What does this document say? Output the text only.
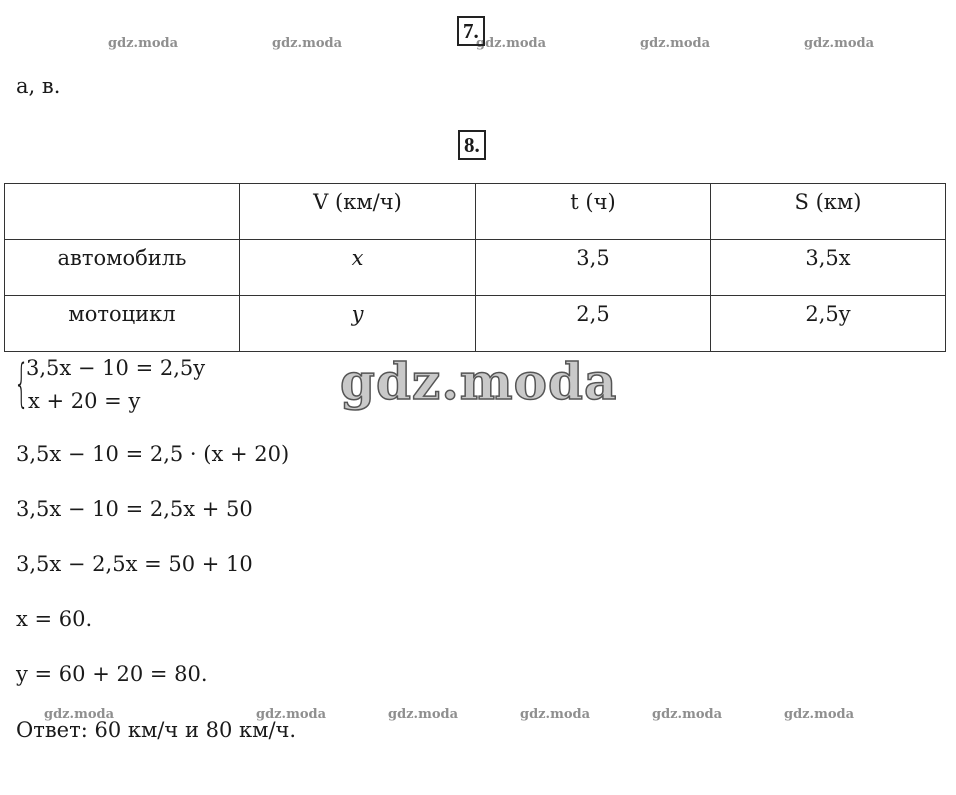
gdz.moda	gdz.moda	gdz.moda	gdz.moda	gdz.moda
7.
а, в.
8.
	V (км/ч)	t (ч)	S (км)
автомобиль	x	3,5	3,5x
мотоцикл	y	2,5	2,5y
{
3,5x − 10 = 2,5y
x + 20 = y	gdz.moda
3,5x − 10 = 2,5 · (x + 20)
3,5x − 10 = 2,5x + 50
3,5x − 2,5x = 50 + 10
x = 60.
y = 60 + 20 = 80.
gdz.moda	gdz.moda	gdz.moda	gdz.moda	gdz.moda	gdz.moda
Ответ: 60 км/ч и 80 км/ч.
